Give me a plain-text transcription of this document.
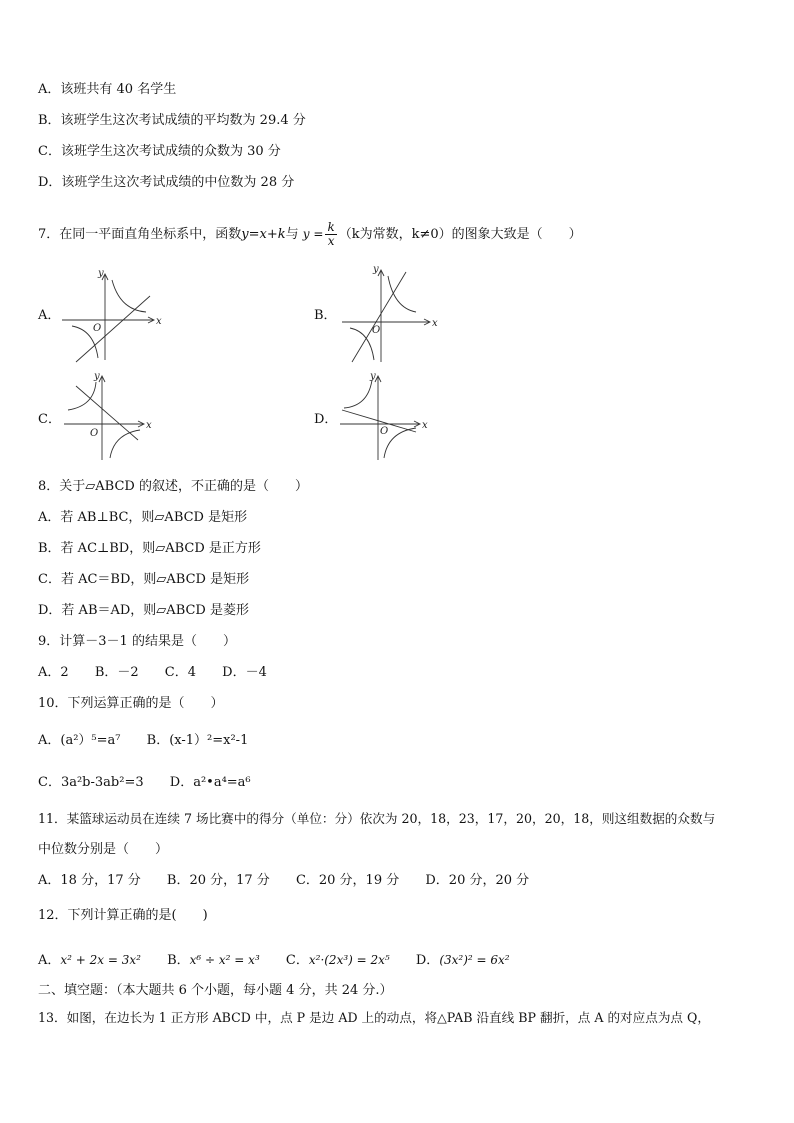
A．该班共有 40 名学生
B．该班学生这次考试成绩的平均数为 29.4 分
C．该班学生这次考试成绩的众数为 30 分
D．该班学生这次考试成绩的中位数为 28 分
7．在同一平面直角坐标系中，函数y=x+k与 $y = \frac{k}{x} (k$为常数，k≠0）的图象大致是（　　）
A．
y
x
O
B．
y
x
O
C．
y
x
O
D．
y
x
O
8．关于▱ABCD 的叙述，不正确的是（　　）
A．若 AB⊥BC，则▱ABCD 是矩形
B．若 AC⊥BD，则▱ABCD 是正方形
C．若 AC＝BD，则▱ABCD 是矩形
D．若 AB＝AD，则▱ABCD 是菱形
9．计算－3－1 的结果是（　　）
A．2 B．－2 C．4 D．－4
10．下列运算正确的是（　　）
A．(a²）⁵=a⁷ B．(x-1）²=x²-1
C．3a²b-3ab²=3 D．a²•a⁴=a⁶
11．某篮球运动员在连续 7 场比赛中的得分（单位：分）依次为 20，18，23，17，20，20，18，则这组数据的众数与
中位数分别是（　　）
A．18 分，17 分 B．20 分，17 分 C．20 分，19 分 D．20 分，20 分
12．下列计算正确的是(　　)
A．x² + 2x = 3x² B．x⁶ ÷ x² = x³ C．x²·(2x³) = 2x⁵ D．(3x²)² = 6x²
二、填空题：（本大题共 6 个小题，每小题 4 分，共 24 分.）
13．如图，在边长为 1 正方形 ABCD 中，点 P 是边 AD 上的动点，将△PAB 沿直线 BP 翻折，点 A 的对应点为点 Q，
